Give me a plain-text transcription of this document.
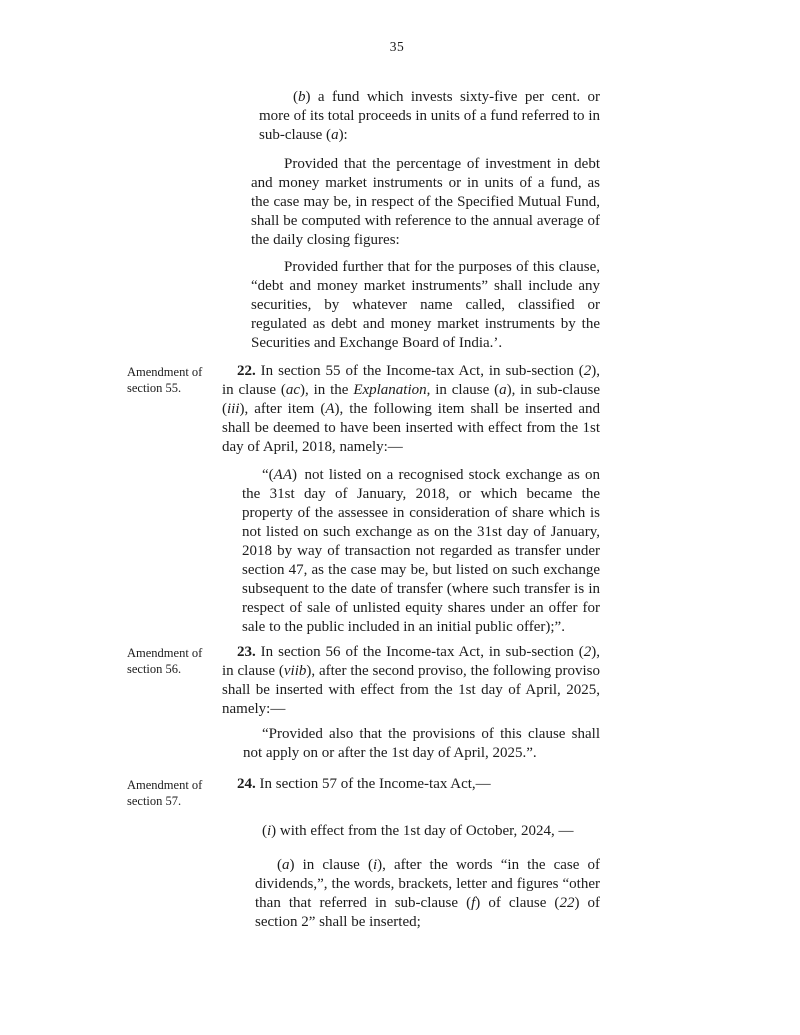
35

(b) a fund which invests sixty-five per cent. or more of its total proceeds in units of a fund referred to in sub-clause (a):

Provided that the percentage of investment in debt and money market instruments or in units of a fund, as the case may be, in respect of the Specified Mutual Fund, shall be computed with reference to the annual average of the daily closing figures:

Provided further that for the purposes of this clause, “debt and money market instruments” shall include any securities, by whatever name called, classified or regulated as debt and money market instruments by the Securities and Exchange Board of India.’.

Amendment of section 55.

22. In section 55 of the Income-tax Act, in sub-section (2), in clause (ac), in the Explanation, in clause (a), in sub-clause (iii), after item (A), the following item shall be inserted and shall be deemed to have been inserted with effect from the 1st day of April, 2018, namely:—

“(AA) not listed on a recognised stock exchange as on the 31st day of January, 2018, or which became the property of the assessee in consideration of share which is not listed on such exchange as on the 31st day of January, 2018 by way of transaction not regarded as transfer under section 47, as the case may be, but listed on such exchange subsequent to the date of transfer (where such transfer is in respect of sale of unlisted equity shares under an offer for sale to the public included in an initial public offer);”.

Amendment of section 56.

23. In section 56 of the Income-tax Act, in sub-section (2), in clause (viib), after the second proviso, the following proviso shall be inserted with effect from the 1st day of April, 2025, namely:—

“Provided also that the provisions of this clause shall not apply on or after the 1st day of April, 2025.”.

Amendment of section 57.

24. In section 57 of the Income-tax Act,—

(i) with effect from the 1st day of October, 2024, —

(a) in clause (i), after the words “in the case of dividends,”, the words, brackets, letter and figures “other than that referred in sub-clause (f) of clause (22) of section 2” shall be inserted;
